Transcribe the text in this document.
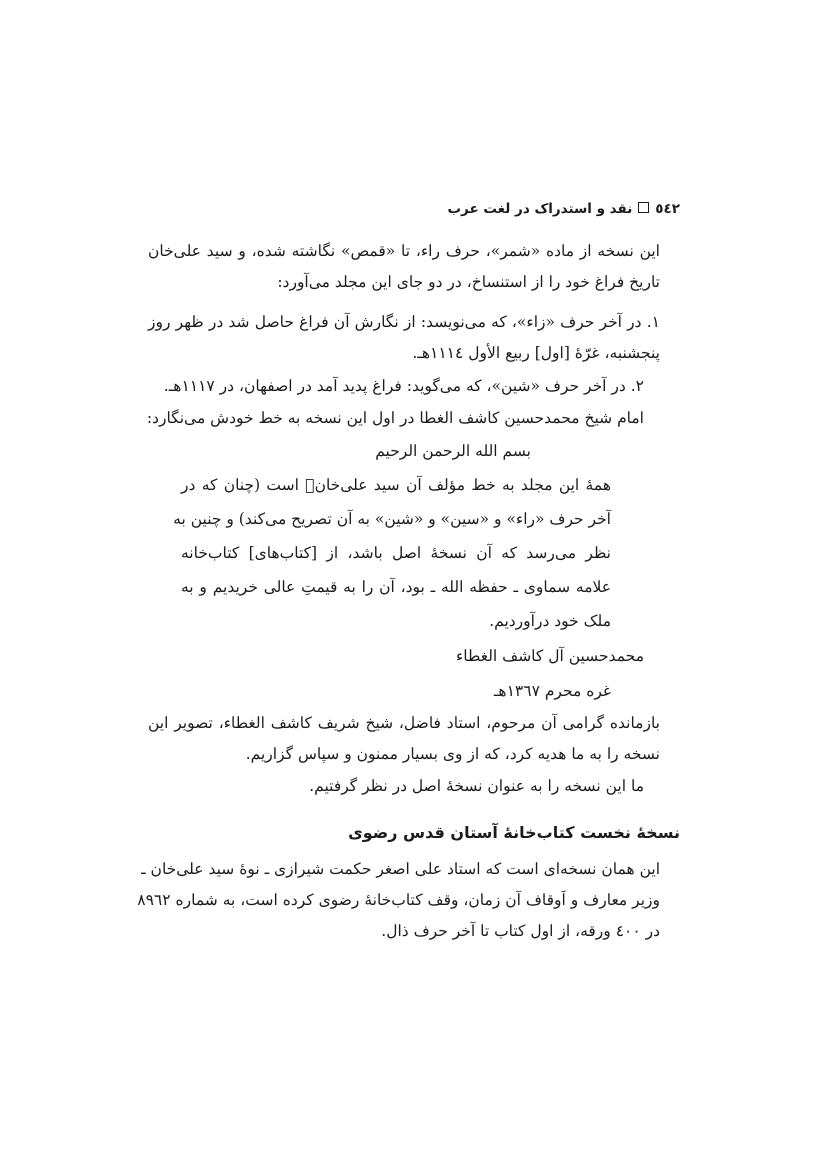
٥٤٢نقد و استدراک در لغت عرب
این نسخه از ماده «شمر»، حرف راء، تا «قمص» نگاشته شده، و سید علی‌خان
تاریخ فراغ خود را از استنساخ، در دو جای این مجلد می‌آورد:
١. در آخر حرف «زاء»، که می‌نویسد: از نگارش آن فراغ حاصل شد در ظهر روز
پنجشنبه، غرّهٔ [اول] ربیع الأول ١١١٤هـ.
٢. در آخر حرف «شین»، که می‌گوید: فراغ پدید آمد در اصفهان، در ١١١٧هـ.
امام شیخ محمدحسین کاشف الغطا در اول این نسخه به خط خودش می‌نگارد:
بسم الله الرحمن الرحیم
همهٔ این مجلد به خط مؤلف آن سید علی‌خان﷫ است (چنان که در
آخر حرف «راء» و «سین» و «شین» به آن تصریح می‌کند) و چنین به
نظر می‌رسد که آن نسخهٔ اصل باشد، از [کتاب‌های] کتاب‌خانه
علامه سماوی ـ حفظه الله ـ بود، آن را به قیمتِ عالی خریدیم و به
ملک خود درآوردیم.
محمدحسین آل کاشف الغطاء
غره محرم ١٣٦٧هـ
بازمانده گرامی آن مرحوم، استاد فاضل، شیخ شریف کاشف الغطاء، تصویر این
نسخه را به ما هدیه کرد، که از وی بسیار ممنون و سپاس گزاریم.
ما این نسخه را به عنوان نسخهٔ اصل در نظر گرفتیم.
نسخهٔ نخست کتاب‌خانهٔ آستان قدس رضوی
این همان نسخه‌ای است که استاد علی اصغر حکمت شیرازی ـ نوهٔ سید علی‌خان ـ
وزیر معارف و اَوقاف آن زمان، وقف کتاب‌خانهٔ رضوی کرده است، به شماره ٨٩٦٢
در ٤٠٠ ورقه، از اول کتاب تا آخر حرف ذال.
